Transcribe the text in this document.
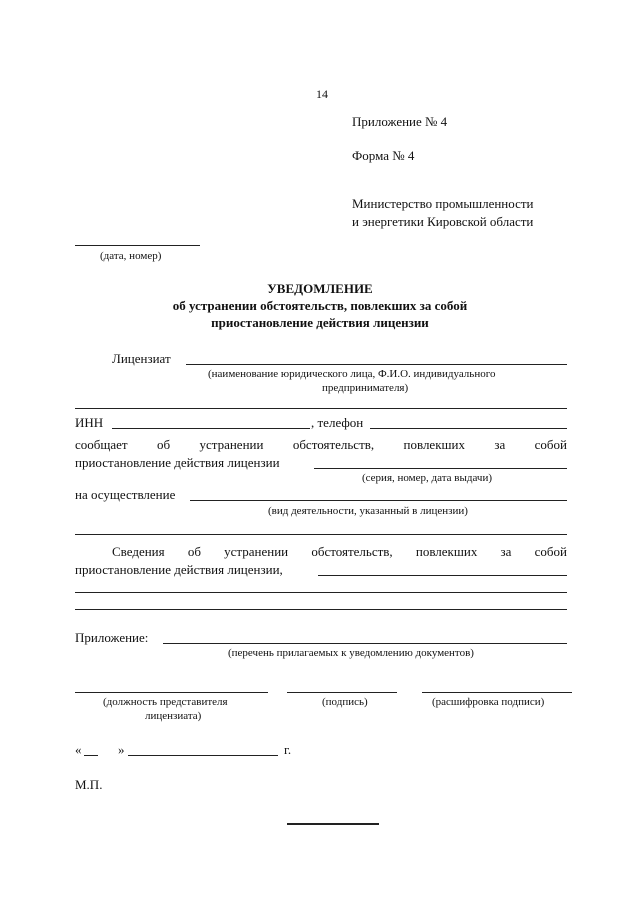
14
Приложение № 4
Форма № 4
Министерство промышленности
и энергетики Кировской области
(дата, номер)
УВЕДОМЛЕНИЕ
об устранении обстоятельств, повлекших за собой
приостановление действия лицензии
Лицензиат
(наименование юридического лица, Ф.И.О. индивидуального
предпринимателя)
ИНН	, телефон
сообщает об устранении обстоятельств, повлекших за собой
приостановление действия лицензии
(серия, номер, дата выдачи)
на осуществление
(вид деятельности, указанный в лицензии)
Сведения об устранении обстоятельств, повлекших за собой
приостановление действия лицензии,
Приложение:
(перечень прилагаемых к уведомлению документов)
(должность представителя
лицензиата)
(подпись)	(расшифровка подписи)
«	»	г.
М.П.
